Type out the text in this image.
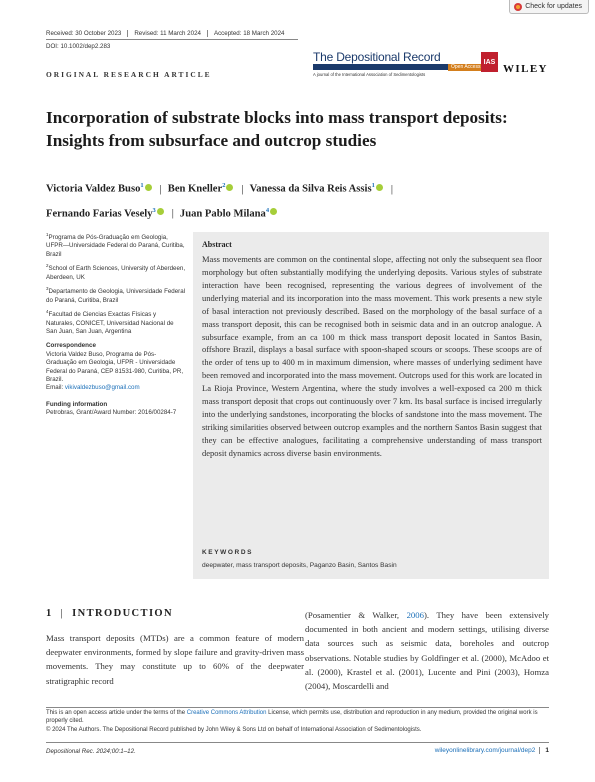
Check for updates
Received: 30 October 2023	Revised: 11 March 2024	Accepted: 18 March 2024
DOI: 10.1002/dep2.283
The Depositional Record
Open Access
A journal of the International Association of Sedimentologists
IAS
WILEY
ORIGINAL RESEARCH ARTICLE
Incorporation of substrate blocks into mass transport deposits: Insights from subsurface and outcrop studies
Victoria Valdez Buso$^1$ | Ben Kneller$^2$ | Vanessa da Silva Reis Assis$^1$ |
Fernando Farias Vesely$^3$ | Juan Pablo Milana$^4$
$^1$Programa de Pós-Graduação em Geologia, UFPR—Universidade Federal do Paraná, Curitiba, Brazil
$^2$School of Earth Sciences, University of Aberdeen, Aberdeen, UK
$^3$Departamento de Geologia, Universidade Federal do Paraná, Curitiba, Brazil
$^4$Facultad de Ciencias Exactas Físicas y Naturales, CONICET, Universidad Nacional de San Juan, San Juan, Argentina
Correspondence
Victoria Valdez Buso, Programa de Pós-Graduação em Geologia, UFPR - Universidade Federal do Paraná, CEP 81531-980, Curitiba, PR, Brazil.
Email: vikivaldezbuso@gmail.com
Funding information
Petrobras, Grant/Award Number: 2016/00284-7
Abstract
Mass movements are common on the continental slope, affecting not only the subsequent sea floor morphology but often substantially modifying the underlying deposits. Various styles of substrate interaction have been recognised, representing the various degrees of involvement of the underlying material and its incorporation into the mass movement. This work presents a new style of basal interaction not previously described. Based on the morphology of the basal surface of a mass transport deposit, this can be recognised both in seismic data and in an outcrop analogue. A subsurface example, from an ca 100 m thick mass transport deposit located in Santos Basin, offshore Brazil, displays a basal surface with spoon-shaped scours or scoops. These scoops are of the order of tens up to 400 m in maximum dimension, where masses of underlying sediment have been removed and incorporated into the mass movement. Outcrops used for this work are located in La Rioja Province, Western Argentina, where the study involves a well-exposed ca 200 m thick mass transport deposit that crops out continuously over 7 km. Its basal surface is incised irregularly into the underlying sandstones, incorporating the blocks of sandstone into the mass movement. The striking similarities observed between outcrop examples and the northern Santos Basin suggest that they can be effective analogues, facilitating a comprehensive understanding of mass transport deposit dynamics across diverse basin environments.
KEYWORDS
deepwater, mass transport deposits, Paganzo Basin, Santos Basin
1 | INTRODUCTION
Mass transport deposits (MTDs) are a common feature of modern deepwater environments, formed by slope failure and gravity-driven mass movements. They may constitute up to 60% of the deepwater stratigraphic record
(Posamentier & Walker, 2006). They have been extensively documented in both ancient and modern settings, utilising diverse data sources such as seismic data, boreholes and outcrop observations. Notable studies by Goldfinger et al. (2000), McAdoo et al. (2000), Krastel et al. (2001), Lucente and Pini (2003), Homza (2004), Moscardelli and
This is an open access article under the terms of the Creative Commons Attribution License, which permits use, distribution and reproduction in any medium, provided the original work is properly cited.
© 2024 The Authors. The Depositional Record published by John Wiley & Sons Ltd on behalf of International Association of Sedimentologists.
Depositional Rec. 2024;00:1–12.	wileyonlinelibrary.com/journal/dep2 1
